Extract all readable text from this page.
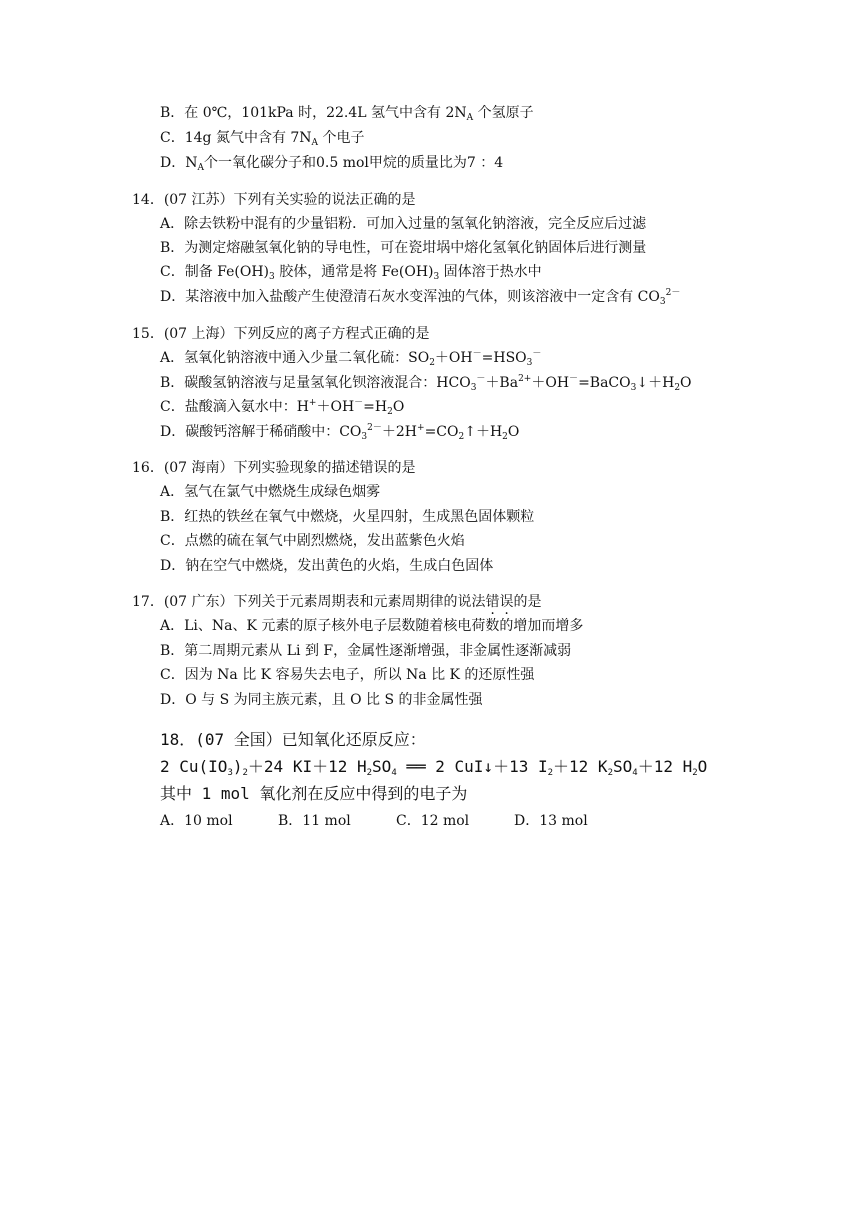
B．在 0℃，101kPa 时，22.4L 氢气中含有 $2N_A$ 个氢原子
C．14g 氮气中含有 $7N_A$ 个电子
D．$N_A$个一氧化碳分子和0.5 mol甲烷的质量比为7 ：4
14．(07 江苏）下列有关实验的说法正确的是
A．除去铁粉中混有的少量铝粉．可加入过量的氢氧化钠溶液，完全反应后过滤
B．为测定熔融氢氧化钠的导电性，可在瓷坩埚中熔化氢氧化钠固体后进行测量
C．制备 $Fe(OH)_3$ 胶体，通常是将 $Fe(OH)_3$ 固体溶于热水中
D．某溶液中加入盐酸产生使澄清石灰水变浑浊的气体，则该溶液中一定含有 $CO_3^{2-}$
15．(07 上海）下列反应的离子方程式正确的是
A．氢氧化钠溶液中通入少量二氧化硫：$SO_2+OH^-=HSO_3^-$
B．碳酸氢钠溶液与足量氢氧化钡溶液混合：$HCO_3^-+Ba^{2+}+OH^-=BaCO_3↓+H_2O$
C．盐酸滴入氨水中：$H^++OH^-=H_2O$
D．碳酸钙溶解于稀硝酸中：$CO_3^{2-}+2H^+=CO_2↑+H_2O$
16．(07 海南）下列实验现象的描述错误的是
A．氢气在氯气中燃烧生成绿色烟雾
B．红热的铁丝在氧气中燃烧，火星四射，生成黑色固体颗粒
C．点燃的硫在氧气中剧烈燃烧，发出蓝紫色火焰
D．钠在空气中燃烧，发出黄色的火焰，生成白色固体
17．(07 广东）下列关于元素周期表和元素周期律的说法错误的是
A．Li、Na、K 元素的原子核外电子层数随着核电荷数的增加而增多
B．第二周期元素从 Li 到 F，金属性逐渐增强，非金属性逐渐减弱
C．因为 Na 比 K 容易失去电子，所以 Na 比 K 的还原性强
D．O 与 S 为同主族元素，且 O 比 S 的非金属性强
18．(07 全国）已知氧化还原反应：
2 $Cu(IO_3)_2+24$ KI＋12 $H_2SO_4$ ══ 2 CuI↓＋13 $I_2+12$ $K_2SO_4+12$ $H_2O$
其中 1 mol 氧化剂在反应中得到的电子为
A．10 mol	B．11 mol	C．12 mol	D．13 mol
